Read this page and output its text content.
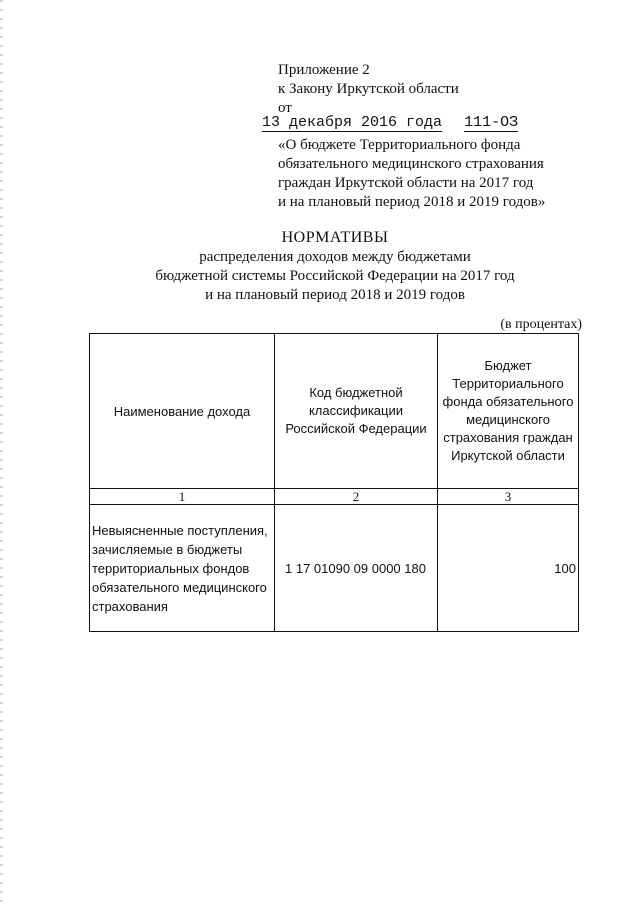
Приложение 2
к Закону Иркутской области
от
13 декабря 2016 года 111-ОЗ
«О бюджете Территориального фонда
обязательного медицинского страхования
граждан Иркутской области на 2017 год
и на плановый период 2018 и 2019 годов»
НОРМАТИВЫ
распределения доходов между бюджетами
бюджетной системы Российской Федерации на 2017 год
и на плановый период 2018 и 2019 годов
(в процентах)
Наименование дохода	Код бюджетной классификации Российской Федерации	Бюджет Территориального фонда обязательного медицинского страхования граждан Иркутской области

1	2	3
Невыясненные поступления, зачисляемые в бюджеты территориальных фондов обязательного медицинского страхования	1 17 01090 09 0000 180	100
